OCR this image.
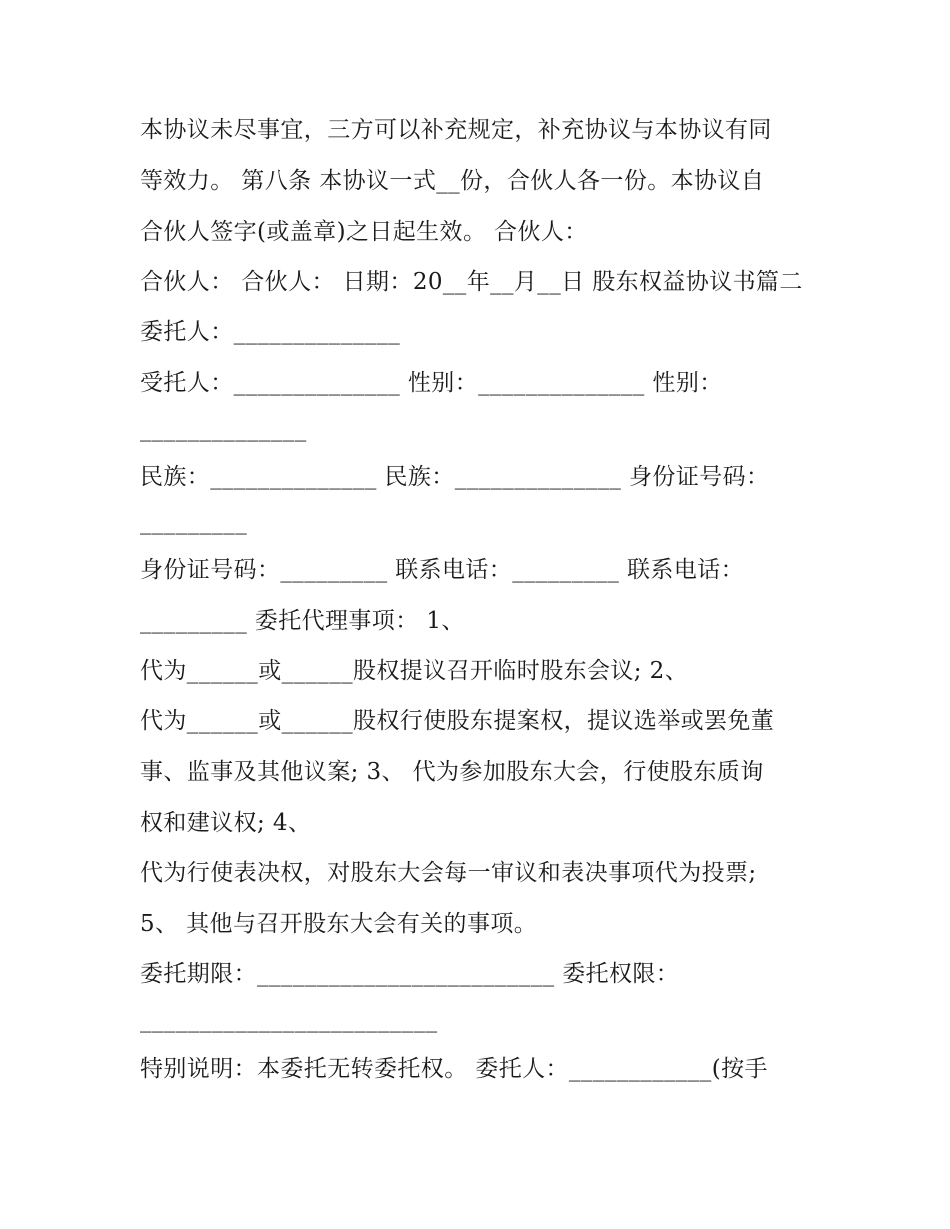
本协议未尽事宜，三方可以补充规定，补充协议与本协议有同
等效力。 第八条 本协议一式__份，合伙人各一份。本协议自
合伙人签字(或盖章)之日起生效。 合伙人：
合伙人： 合伙人： 日期：20__年__月__日 股东权益协议书篇二
委托人：______________
受托人：______________ 性别：______________ 性别：
______________
民族：______________ 民族：______________ 身份证号码：
_________
身份证号码：_________ 联系电话：_________ 联系电话：
_________ 委托代理事项： 1、
代为______或______股权提议召开临时股东会议; 2、
代为______或______股权行使股东提案权，提议选举或罢免董
事、监事及其他议案; 3、 代为参加股东大会，行使股东质询
权和建议权; 4、
代为行使表决权，对股东大会每一审议和表决事项代为投票;
5、 其他与召开股东大会有关的事项。
委托期限：_________________________ 委托权限：
_________________________
特别说明：本委托无转委托权。 委托人：____________(按手
